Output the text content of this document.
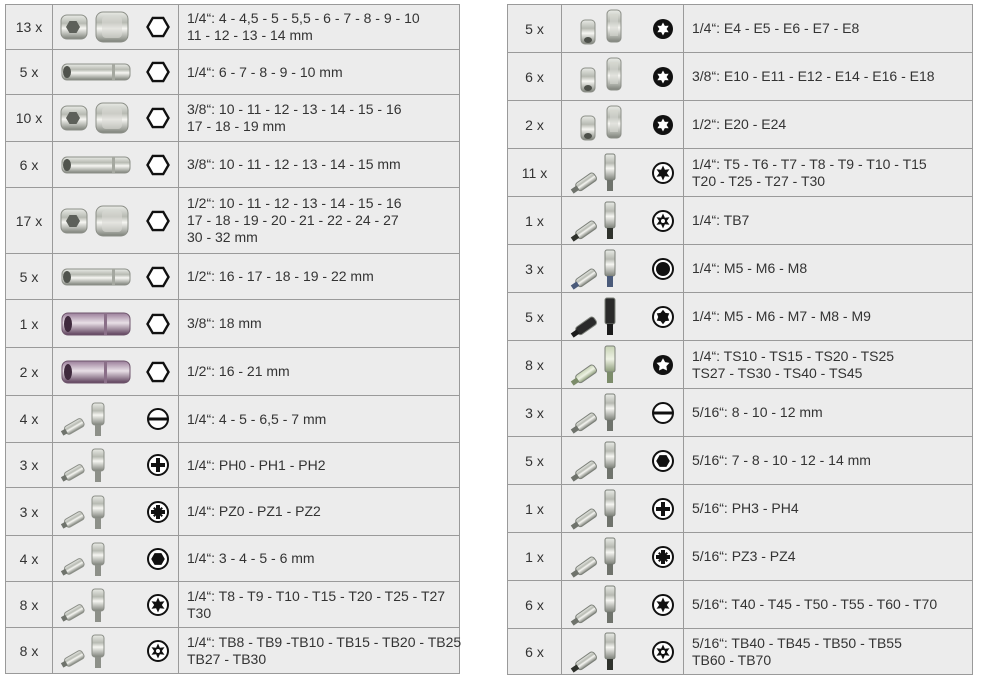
13 x			1/4“: 4 - 4,5 - 5 - 5,5 - 6 - 7 - 8 - 9 - 10
11 - 12 - 13 - 14 mm

5 x			1/4“: 6 - 7 - 8 - 9 - 10 mm

10 x			3/8“: 10 - 11 - 12 - 13 - 14 - 15 - 16
17 - 18 - 19 mm

6 x			3/8“: 10 - 11 - 12 - 13 - 14 - 15 mm

17 x			1/2“: 10 - 11 - 12 - 13 - 14 - 15 - 16
17 - 18 - 19 - 20 - 21 - 22 - 24 - 27
30 - 32 mm

5 x			1/2“: 16 - 17 - 18 - 19 - 22 mm

1 x			3/8“: 18 mm

2 x			1/2“: 16 - 21 mm

4 x			1/4“: 4 - 5 - 6,5 - 7 mm

3 x			1/4“: PH0 - PH1 - PH2

3 x			1/4“: PZ0 - PZ1 - PZ2

4 x			1/4“: 3 - 4 - 5 - 6 mm

8 x			1/4“: T8 - T9 - T10 - T15 - T20 - T25 - T27
T30

8 x			1/4“: TB8 - TB9 -TB10 - TB15 - TB20 - TB25
TB27 - TB30
5 x			1/4“: E4 - E5 - E6 - E7 - E8

6 x			3/8“: E10 - E11 - E12 - E14 - E16 - E18

2 x			1/2“: E20 - E24

11 x			1/4“: T5 - T6 - T7 - T8 - T9 - T10 - T15
T20 - T25 - T27 - T30

1 x			1/4“: TB7

3 x			1/4“: M5 - M6 - M8

5 x			1/4“: M5 - M6 - M7 - M8 - M9

8 x			1/4“: TS10 - TS15 - TS20 - TS25
TS27 - TS30 - TS40 - TS45

3 x			5/16“: 8 - 10 - 12 mm

5 x			5/16“: 7 - 8 - 10 - 12 - 14 mm

1 x			5/16“: PH3 - PH4

1 x			5/16“: PZ3 - PZ4

6 x			5/16“: T40 - T45 - T50 - T55 - T60 - T70

6 x			5/16“: TB40 - TB45 - TB50 - TB55
TB60 - TB70
